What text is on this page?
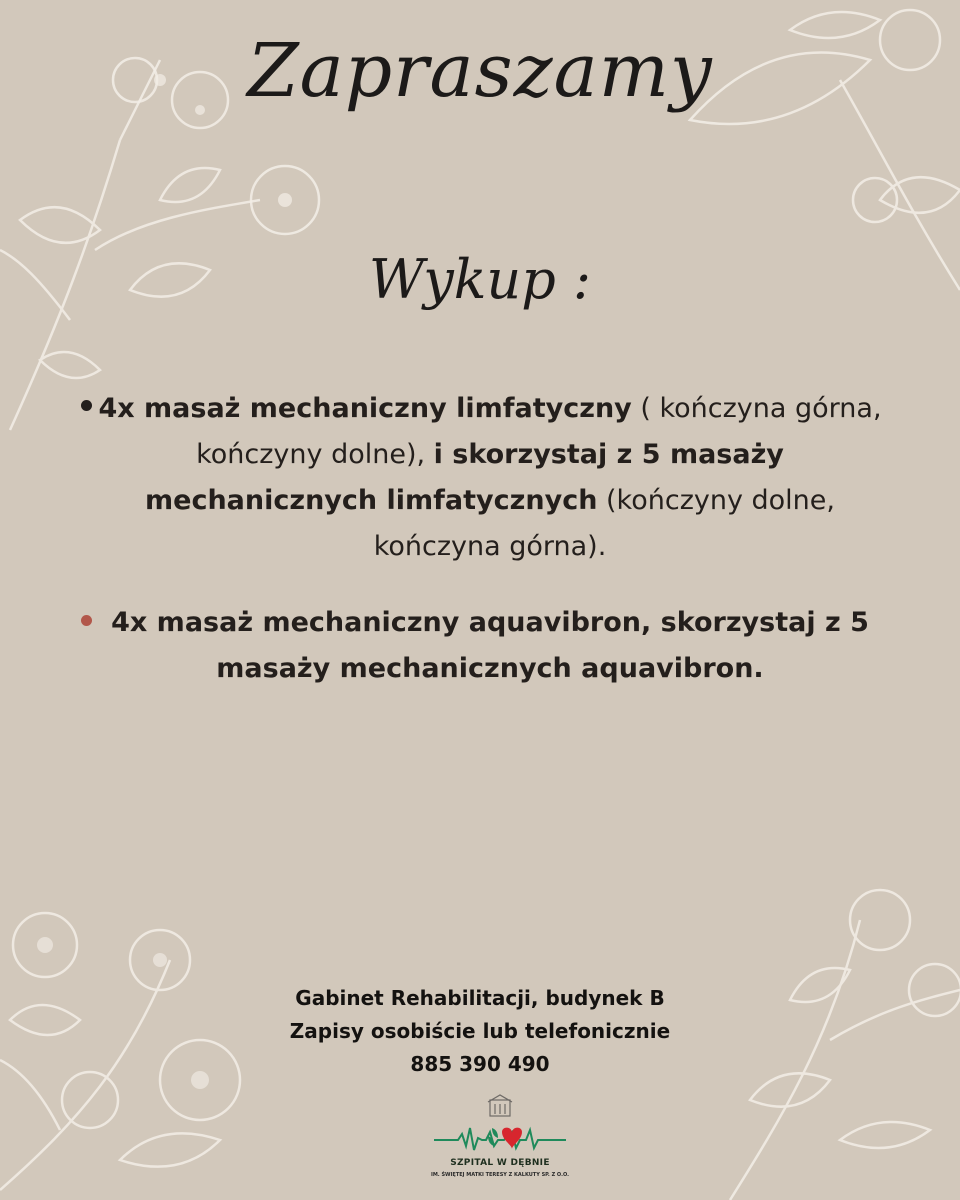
Zapraszamy
Wykup :
4x masaż mechaniczny limfatyczny ( kończyna górna, kończyny dolne), i skorzystaj z 5 masaży mechanicznych limfatycznych (kończyny dolne, kończyna górna).
4x masaż mechaniczny aquavibron, skorzystaj z 5 masaży mechanicznych aquavibron.
Gabinet Rehabilitacji, budynek B
Zapisy osobiście lub telefonicznie
885 390 490
SZPITAL W DĘBNIE
IM. ŚWIĘTEJ MATKI TERESY Z KALKUTY SP. Z O.O.
